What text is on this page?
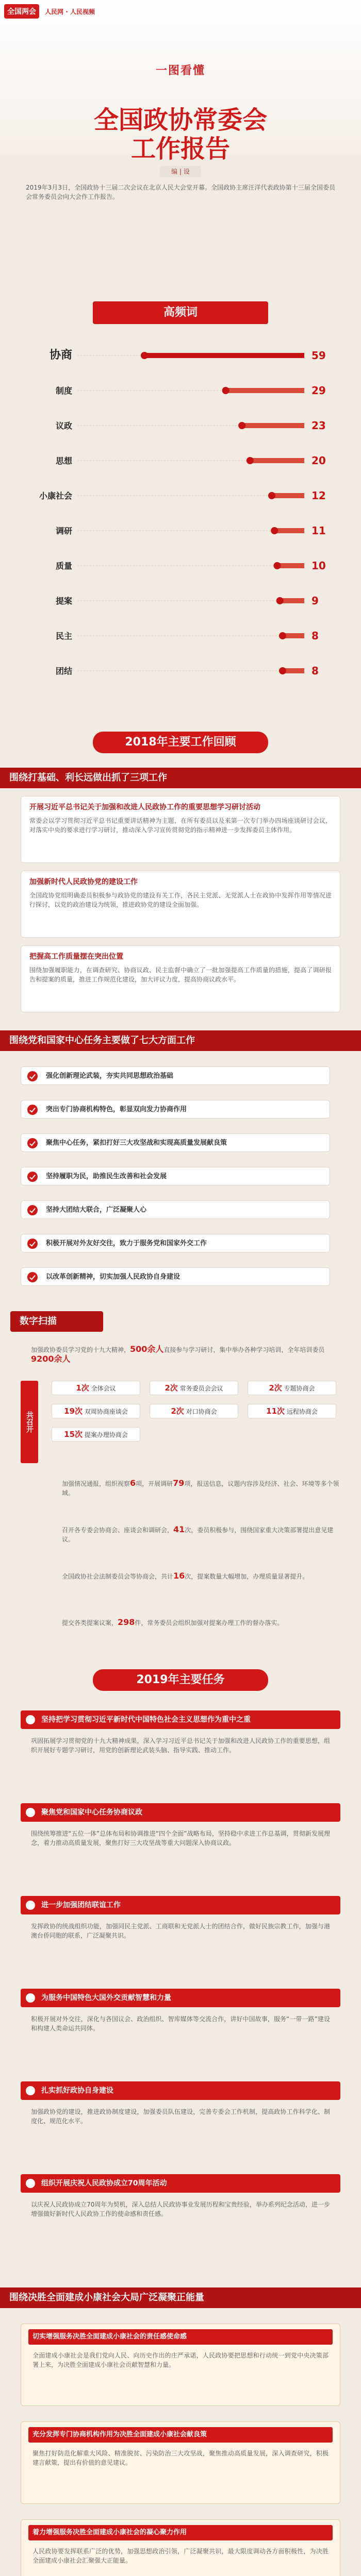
全国两会 人民网 · 人民视频
一图看懂
全国政协常委会
工作报告
编 | 设
2019年3月3日，全国政协十三届二次会议在北京人民大会堂开幕。全国政协主席汪洋代表政协第十三届全国委员会常务委员会向大会作工作报告。
高频词
协商	59
制度	29
议政	23
思想	20
小康社会	12
调研	11
质量	10
提案	9
民主	8
团结	8
2018年主要工作回顾
围绕打基础、利长远做出抓了三项工作
开展习近平总书记关于加强和改进人民政协工作的重要思想学习研讨活动
常委会以学习贯彻习近平总书记重要讲话精神为主题，在所有委员以及来第一次专门举办四场座谈研讨会议，对落实中央的要求进行学习研讨，推动深入学习宣传贯彻党的指示精神进一步发挥委员主体作用。
加强新时代人民政协党的建设工作
全国政协党组明确委员积极参与政协党的建设有关工作，各民主党派、无党派人士在政协中发挥作用等情况进行探讨，以党的政治建设为统领，推进政协党的建设全面加强。
把握高工作质量摆在突出位置
围绕加强履职能力，在调查研究、协商议政、民主监督中确立了一批加强提高工作质量的措施，提高了调研报告和提案的质量，推进工作规范化建设，加大评议力度，提高协商议政水平。
围绕党和国家中心任务主要做了七大方面工作
强化创新理论武装，夯实共同思想政治基础
突出专门协商机构特色，彰显双向发力协商作用
聚焦中心任务，紧扣打好三大攻坚战和实现高质量发展献良策
坚持履职为民，助推民生改善和社会发展
坚持大团结大联合，广泛凝聚人心
积极开展对外友好交往，致力于服务党和国家外交工作
以改革创新精神，切实加强人民政协自身建设
数字扫描
加强政协委员学习党的十九大精神，500余人直接参与学习研讨，集中举办各种学习培训，全年培训委员9200余人
共召开
1次 全体会议	2次 常务委员会会议	2次 专题协商会
19次 双周协商座谈会	2次 对口协商会	11次 远程协商会
15次 提案办理协商会
加强情况通报，组织视察6项，开展调研79项，报送信息，议题内容涉及经济、社会、环境等多个领域。
召开各专委会协商会、座谈会和调研会，41次，委员积极参与，围绕国家重大决策部署提出意见建议。
全国政协社会法制委员会等协商会，共计16次，提案数量大幅增加，办理质量显著提升。
提交各类提案议案，298件，常务委员会组织加强对提案办理工作的督办落实。
2019年主要任务
坚持把学习贯彻习近平新时代中国特色社会主义思想作为重中之重
巩固拓展学习贯彻党的十九大精神成果，深入学习习近平总书记关于加强和改进人民政协工作的重要思想，组织开展好专题学习研讨，用党的创新理论武装头脑、指导实践、推动工作。
聚焦党和国家中心任务协商议政
围绕统筹推进“五位一体”总体布局和协调推进“四个全面”战略布局，坚持稳中求进工作总基调，贯彻新发展理念，着力推动高质量发展，聚焦打好三大攻坚战等重大问题深入协商议政。
进一步加强团结联谊工作
发挥政协的统战组织功能，加强同民主党派、工商联和无党派人士的团结合作，做好民族宗教工作，加强与港澳台侨同胞的联系，广泛凝聚共识。
为服务中国特色大国外交贡献智慧和力量
积极开展对外交往，深化与各国议会、政治组织、智库媒体等交流合作，讲好中国故事，服务“一带一路”建设和构建人类命运共同体。
扎实抓好政协自身建设
加强政协党的建设，推进政协制度建设，加强委员队伍建设，完善专委会工作机制，提高政协工作科学化、制度化、规范化水平。
组织开展庆祝人民政协成立70周年活动
以庆祝人民政协成立70周年为契机，深入总结人民政协事业发展历程和宝贵经验，举办系列纪念活动，进一步增强做好新时代人民政协工作的使命感和责任感。
围绕决胜全面建成小康社会大局广泛凝聚正能量
切实增强服务决胜全面建成小康社会的责任感使命感
全面建成小康社会是我们党向人民、向历史作出的庄严承诺，人民政协要把思想和行动统一到党中央决策部署上来，为决胜全面建成小康社会贡献智慧和力量。
充分发挥专门协商机构作用为决胜全面建成小康社会献良策
聚焦打好防范化解重大风险、精准脱贫、污染防治三大攻坚战，聚焦推动高质量发展，深入调查研究，积极建言献策，提出有价值的意见建议。
着力增强服务决胜全面建成小康社会的凝心聚力作用
人民政协要发挥联系广泛的优势，加强思想政治引领，广泛凝聚共识，最大限度调动各方面积极性，为决胜全面建成小康社会汇聚强大正能量。
